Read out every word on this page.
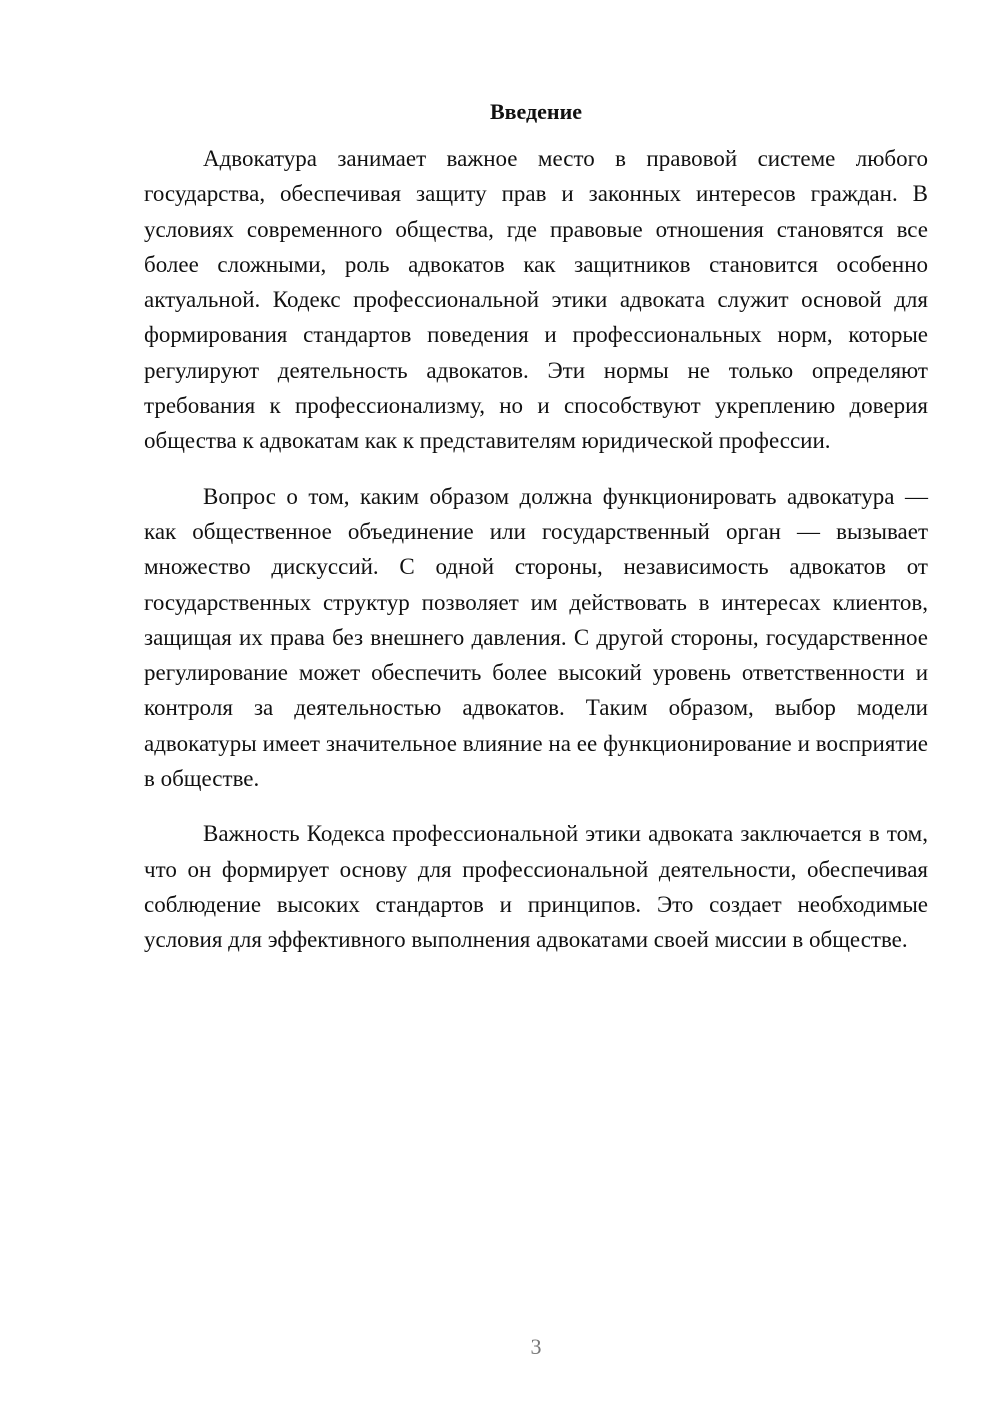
Введение

Адвокатура занимает важное место в правовой системе любого государства, обеспечивая защиту прав и законных интересов граждан. В условиях современного общества, где правовые отношения становятся все более сложными, роль адвокатов как защитников становится особенно актуальной. Кодекс профессиональной этики адвоката служит основой для формирования стандартов поведения и профессиональных норм, которые регулируют деятельность адвокатов. Эти нормы не только определяют требования к профессионализму, но и способствуют укреплению доверия общества к адвокатам как к представителям юридической профессии.

Вопрос о том, каким образом должна функционировать адвокатура — как общественное объединение или государственный орган — вызывает множество дискуссий. С одной стороны, независимость адвокатов от государственных структур позволяет им действовать в интересах клиентов, защищая их права без внешнего давления. С другой стороны, государственное регулирование может обеспечить более высокий уровень ответственности и контроля за деятельностью адвокатов. Таким образом, выбор модели адвокатуры имеет значительное влияние на ее функционирование и восприятие в обществе.

Важность Кодекса профессиональной этики адвоката заключается в том, что он формирует основу для профессиональной деятельности, обеспечивая соблюдение высоких стандартов и принципов. Это создает необходимые условия для эффективного выполнения адвокатами своей миссии в обществе.

3
